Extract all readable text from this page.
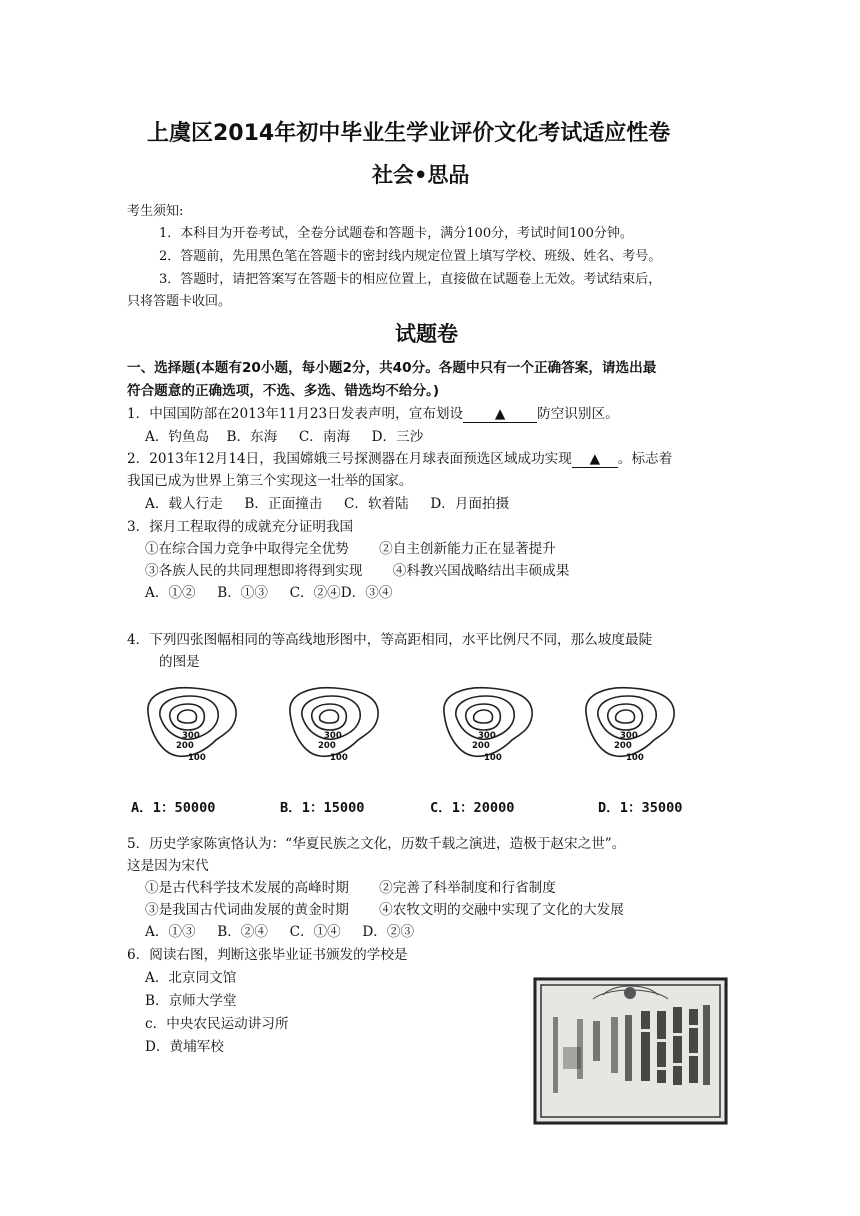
上虞区2014年初中毕业生学业评价文化考试适应性卷
社会•思品
考生须知:
1．本科目为开卷考试，全卷分试题卷和答题卡，满分100分，考试时间100分钟。
2．答题前，先用黑色笔在答题卡的密封线内规定位置上填写学校、班级、姓名、考号。
3．答题时，请把答案写在答题卡的相应位置上，直接做在试题卷上无效。考试结束后，
只将答题卡收回。
试题卷
一、选择题(本题有20小题，每小题2分，共40分。各题中只有一个正确答案，请选出最
符合题意的正确选项，不选、多选、错选均不给分。)
1．中国国防部在2013年11月23日发表声明，宣布划设 ▲ 防空识别区。
A．钓鱼岛    B．东海     C．南海     D．三沙
2．2013年12月14日，我国嫦娥三号探测器在月球表面预选区域成功实现 ▲ 。标志着
我国已成为世界上第三个实现这一壮举的国家。
A．载人行走     B．正面撞击     C．软着陆     D．月面拍摄
3．探月工程取得的成就充分证明我国
①在综合国力竞争中取得完全优势       ②自主创新能力正在显著提升
③各族人民的共同理想即将得到实现       ④科教兴国战略结出丰硕成果
A．①②     B．①③     C．②④D．③④
4．下列四张图幅相同的等高线地形图中，等高距相同，水平比例尺不同，那么坡度最陡
的图是
300
200
100
300
200
100
300
200
100
300
200
100
A．1：50000	B．1：15000	C．1：20000	D．1：35000
5．历史学家陈寅恪认为：“华夏民族之文化，历数千载之演进，造极于赵宋之世”。
这是因为宋代
①是古代科学技术发展的高峰时期       ②完善了科举制度和行省制度
③是我国古代词曲发展的黄金时期       ④农牧文明的交融中实现了文化的大发展
A．①③     B．②④     C．①④     D．②③
6．阅读右图，判断这张毕业证书颁发的学校是
A．北京同文馆
B．京师大学堂
c．中央农民运动讲习所
D．黄埔军校
